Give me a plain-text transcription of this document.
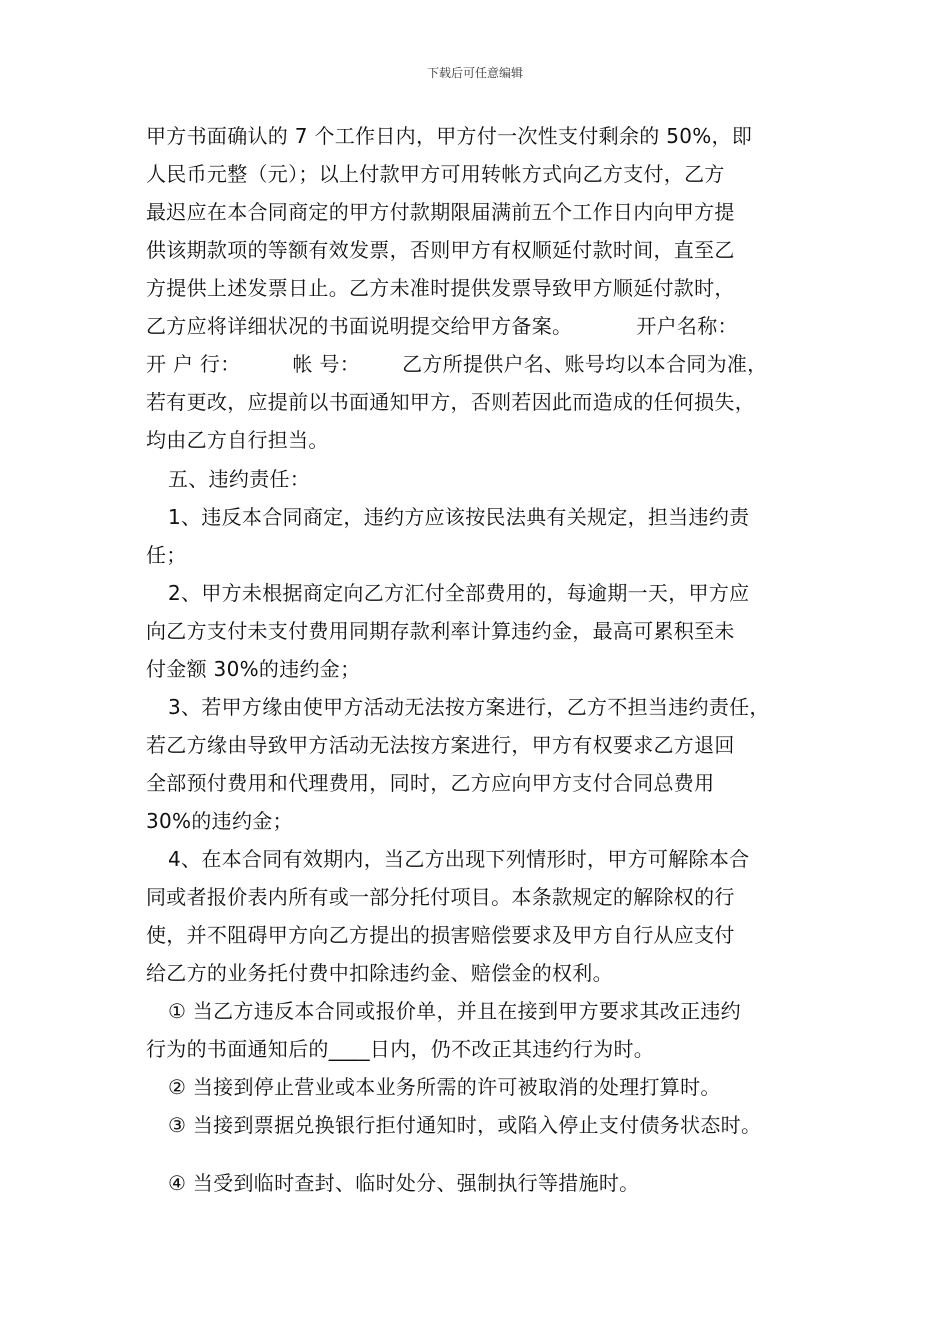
下载后可任意编辑
甲方书面确认的 7 个工作日内，甲方付一次性支付剩余的 50%，即
人民币元整（元）；以上付款甲方可用转帐方式向乙方支付，乙方
最迟应在本合同商定的甲方付款期限届满前五个工作日内向甲方提
供该期款项的等额有效发票，否则甲方有权顺延付款时间，直至乙
方提供上述发票日止。乙方未准时提供发票导致甲方顺延付款时，
乙方应将详细状况的书面说明提交给甲方备案。	开户名称：
开 户 行：	帐 号： 乙方所提供户名、账号均以本合同为准，
若有更改，应提前以书面通知甲方，否则若因此而造成的任何损失，
均由乙方自行担当。
五、违约责任：
1、违反本合同商定，违约方应该按民法典有关规定，担当违约责
任；
2、甲方未根据商定向乙方汇付全部费用的，每逾期一天，甲方应
向乙方支付未支付费用同期存款利率计算违约金，最高可累积至未
付金额 30%的违约金；
3、若甲方缘由使甲方活动无法按方案进行，乙方不担当违约责任，
若乙方缘由导致甲方活动无法按方案进行，甲方有权要求乙方退回
全部预付费用和代理费用，同时，乙方应向甲方支付合同总费用
30%的违约金；
4、在本合同有效期内，当乙方出现下列情形时，甲方可解除本合
同或者报价表内所有或一部分托付项目。本条款规定的解除权的行
使，并不阻碍甲方向乙方提出的损害赔偿要求及甲方自行从应支付
给乙方的业务托付费中扣除违约金、赔偿金的权利。
① 当乙方违反本合同或报价单，并且在接到甲方要求其改正违约
行为的书面通知后的____日内，仍不改正其违约行为时。
② 当接到停止营业或本业务所需的许可被取消的处理打算时。
③ 当接到票据兑换银行拒付通知时，或陷入停止支付债务状态时。
④ 当受到临时查封、临时处分、强制执行等措施时。
